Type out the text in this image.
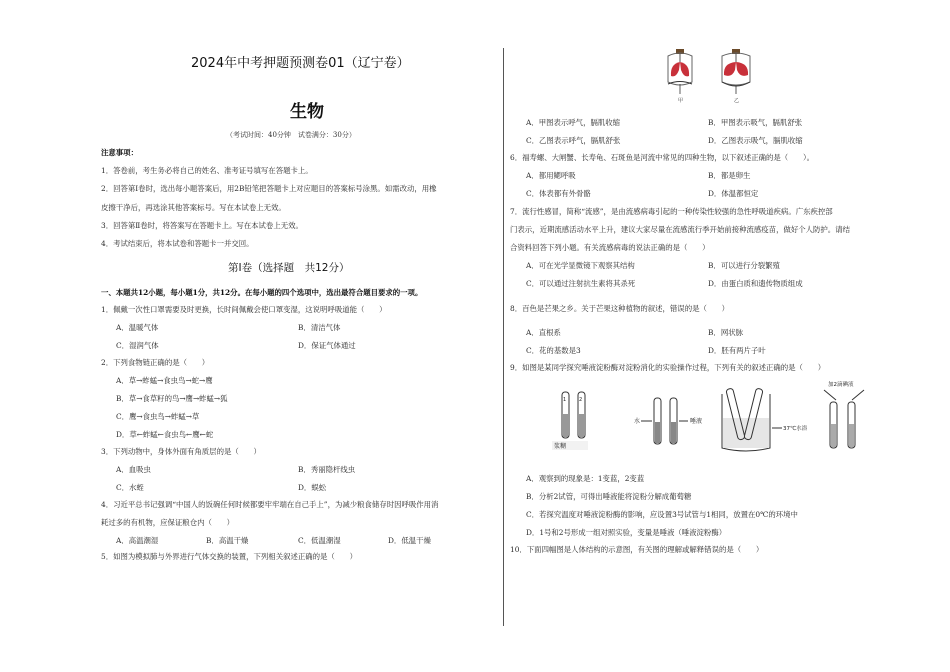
2024年中考押题预测卷01（辽宁卷）
生物
（考试时间：40分钟　试卷满分：30分）
注意事项：
1．答卷前，考生务必将自己的姓名、准考证号填写在答题卡上。
2．回答第Ⅰ卷时，选出每小题答案后，用2B铅笔把答题卡上对应题目的答案标号涂黑。如需改动，用橡
皮擦干净后，再选涂其他答案标号。写在本试卷上无效。
3．回答第Ⅱ卷时，将答案写在答题卡上。写在本试卷上无效。
4．考试结束后，将本试卷和答题卡一并交回。
第Ⅰ卷（选择题　共12分）
一、本题共12小题，每小题1分，共12分。在每小题的四个选项中，选出最符合题目要求的一项。
1．佩戴一次性口罩需要及时更换，长时间佩戴会使口罩变湿，这说明呼吸道能（　　）
A．温暖气体	B．清洁气体
C．湿润气体	D．保证气体通过
2．下列食物链正确的是（　　）
A．草→蚱蜢→食虫鸟→蛇→鹰
B．草→食草籽的鸟→鹰→蚱蜢→狐
C．鹰→食虫鸟→蚱蜢→草
D．草←蚱蜢←食虫鸟←鹰←蛇
3．下列动物中，身体外面有角质层的是（　　）
A．血吸虫	B．秀丽隐杆线虫
C．水蛭	D．蜈蚣
4．习近平总书记强调“中国人的饭碗任何时候都要牢牢端在自己手上”，为减少粮食储存时因呼吸作用消
耗过多的有机物，应保证粮仓内（　　）
A．高温潮湿	B．高温干燥	C．低温潮湿	D．低温干燥
5．如图为模拟肺与外界进行气体交换的装置，下列相关叙述正确的是（　　）
甲	乙
A．甲图表示呼气，膈肌收缩	B．甲图表示吸气，膈肌舒张
C．乙图表示呼气，膈肌舒张	D．乙图表示吸气，膈肌收缩
6．福寿螺、大闸蟹、长寿龟、石斑鱼是河流中常见的四种生物，以下叙述正确的是（　　）。
A．都用鳃呼吸	B．都是卵生
C．体表都有外骨骼	D．体温都恒定
7．流行性感冒，简称“流感”，是由流感病毒引起的一种传染性较强的急性呼吸道疾病。广东疾控部
门表示，近期流感活动水平上升，建议大家尽量在流感流行季开始前接种流感疫苗，做好个人防护。请结
合资料回答下列小题。有关流感病毒的说法正确的是（　　）
A．可在光学显微镜下观察其结构	B．可以进行分裂繁殖
C．可以通过注射抗生素将其杀死	D．由蛋白质和遗传物质组成
8．百色是芒果之乡。关于芒果这种植物的叙述，错误的是（　　）
A．直根系	B．网状脉
C．花的基数是3	D．胚有两片子叶
9．如图是某同学探究唾液淀粉酶对淀粉消化的实验操作过程，下列有关的叙述正确的是（　　）
1	2
浆糊
水	唾液
37℃水浴
加2滴碘液
A．观察到的现象是：1变蓝，2变蓝
B．分析2试管，可得出唾液能将淀粉分解成葡萄糖
C．若探究温度对唾液淀粉酶的影响，应设置3号试管与1相同，放置在0℃的环境中
D．1号和2号形成一组对照实验，变量是唾液（唾液淀粉酶）
10．下面四幅图是人体结构的示意图，有关图的理解或解释错误的是（　　）
